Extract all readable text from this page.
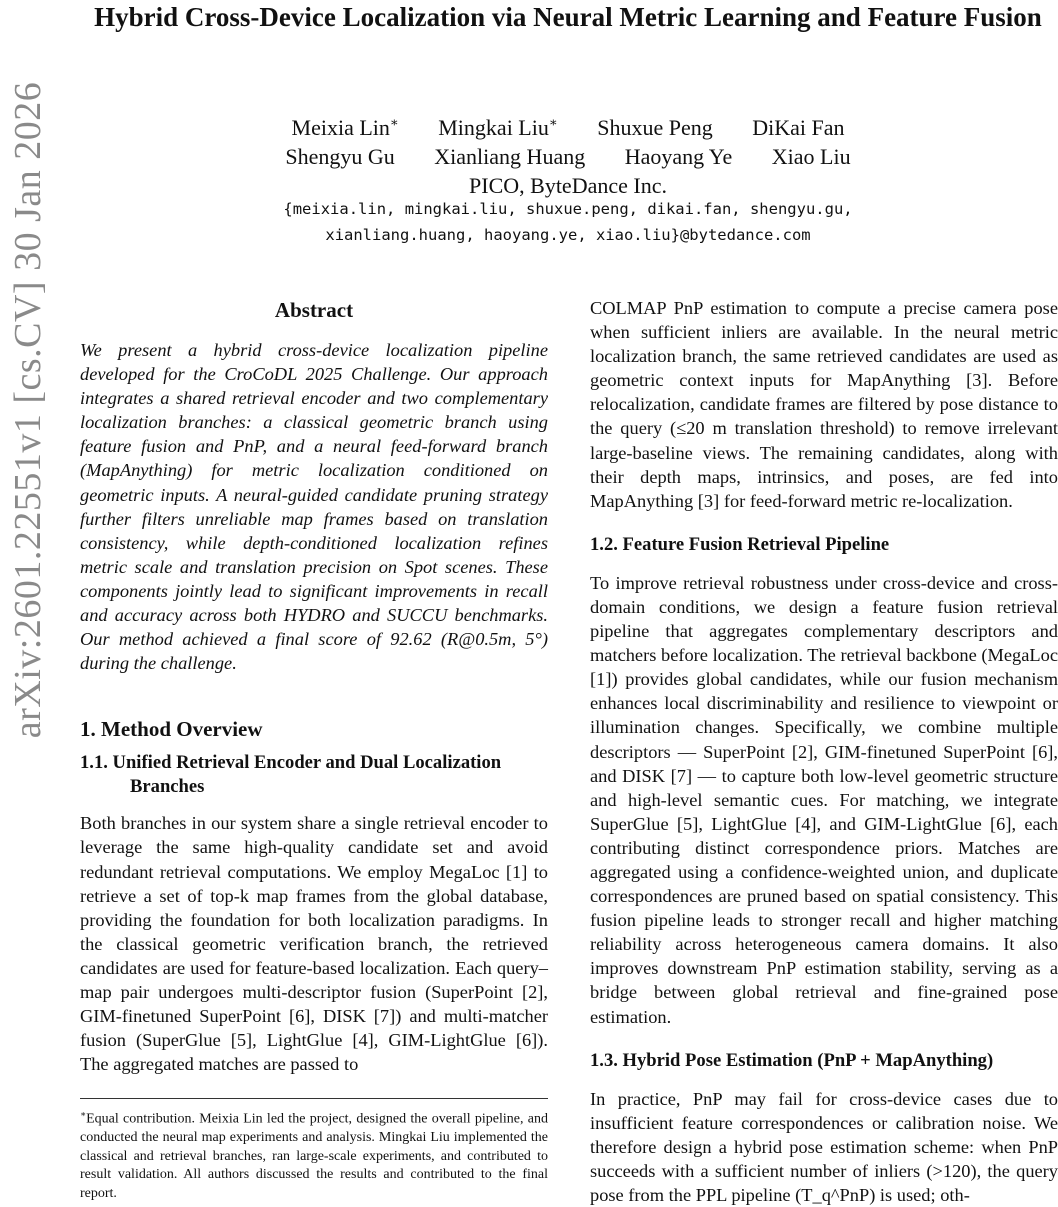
arXiv:2601.22551v1 [cs.CV] 30 Jan 2026
Hybrid Cross-Device Localization via Neural Metric Learning and Feature Fusion
Meixia Lin∗ Mingkai Liu∗ Shuxue Peng DiKai Fan
Shengyu Gu Xianliang Huang Haoyang Ye Xiao Liu
PICO, ByteDance Inc.
{meixia.lin, mingkai.liu, shuxue.peng, dikai.fan, shengyu.gu,
xianliang.huang, haoyang.ye, xiao.liu}@bytedance.com
Abstract

We present a hybrid cross-device localization pipeline developed for the CroCoDL 2025 Challenge. Our approach integrates a shared retrieval encoder and two complementary localization branches: a classical geometric branch using feature fusion and PnP, and a neural feed-forward branch (MapAnything) for metric localization conditioned on geometric inputs. A neural-guided candidate pruning strategy further filters unreliable map frames based on translation consistency, while depth-conditioned localization refines metric scale and translation precision on Spot scenes. These components jointly lead to significant improvements in recall and accuracy across both HYDRO and SUCCU benchmarks. Our method achieved a final score of 92.62 (R@0.5m, 5°) during the challenge.

1. Method Overview
1.1. Unified Retrieval Encoder and Dual Localization Branches

Both branches in our system share a single retrieval encoder to leverage the same high-quality candidate set and avoid redundant retrieval computations. We employ MegaLoc [1] to retrieve a set of top-k map frames from the global database, providing the foundation for both localization paradigms. In the classical geometric verification branch, the retrieved candidates are used for feature-based localization. Each query–map pair undergoes multi-descriptor fusion (SuperPoint [2], GIM-finetuned SuperPoint [6], DISK [7]) and multi-matcher fusion (SuperGlue [5], LightGlue [4], GIM-LightGlue [6]). The aggregated matches are passed to

COLMAP PnP estimation to compute a precise camera pose when sufficient inliers are available. In the neural metric localization branch, the same retrieved candidates are used as geometric context inputs for MapAnything [3]. Before relocalization, candidate frames are filtered by pose distance to the query (≤20 m translation threshold) to remove irrelevant large-baseline views. The remaining candidates, along with their depth maps, intrinsics, and poses, are fed into MapAnything [3] for feed-forward metric re-localization.

1.2. Feature Fusion Retrieval Pipeline

To improve retrieval robustness under cross-device and cross-domain conditions, we design a feature fusion retrieval pipeline that aggregates complementary descriptors and matchers before localization. The retrieval backbone (MegaLoc [1]) provides global candidates, while our fusion mechanism enhances local discriminability and resilience to viewpoint or illumination changes. Specifically, we combine multiple descriptors — SuperPoint [2], GIM-finetuned SuperPoint [6], and DISK [7] — to capture both low-level geometric structure and high-level semantic cues. For matching, we integrate SuperGlue [5], LightGlue [4], and GIM-LightGlue [6], each contributing distinct correspondence priors. Matches are aggregated using a confidence-weighted union, and duplicate correspondences are pruned based on spatial consistency. This fusion pipeline leads to stronger recall and higher matching reliability across heterogeneous camera domains. It also improves downstream PnP estimation stability, serving as a bridge between global retrieval and fine-grained pose estimation.

1.3. Hybrid Pose Estimation (PnP + MapAnything)

In practice, PnP may fail for cross-device cases due to insufficient feature correspondences or calibration noise. We therefore design a hybrid pose estimation scheme: when PnP succeeds with a sufficient number of inliers (>120), the query pose from the PPL pipeline (T_q^PnP) is used; oth-

∗Equal contribution. Meixia Lin led the project, designed the overall pipeline, and conducted the neural map experiments and analysis. Mingkai Liu implemented the classical and retrieval branches, ran large-scale experiments, and contributed to result validation. All authors discussed the results and contributed to the final report.
